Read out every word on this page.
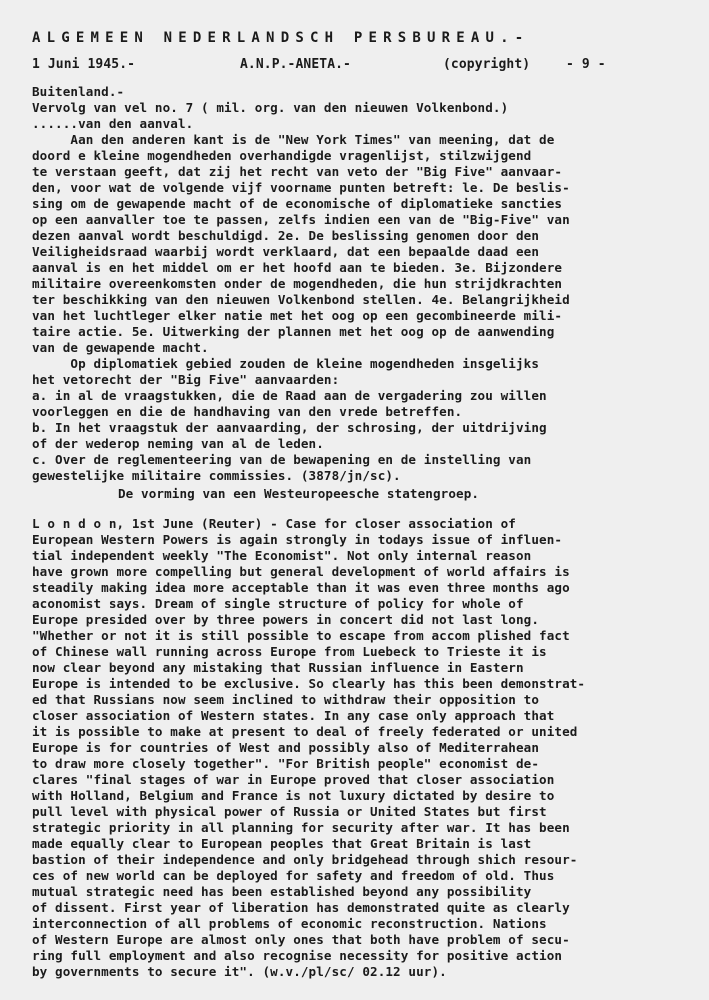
ALGEMEEN NEDERLANDSCH PERSBUREAU.-
1 Juni 1945.-	A.N.P.-ANETA.-	(copyright)	- 9 -
Buitenland.-
Vervolg van vel no. 7 ( mil. org. van den nieuwen Volkenbond.)
......van den aanval.
Aan den anderen kant is de "New York Times" van meening, dat de
doord e kleine mogendheden overhandigde vragenlijst, stilzwijgend
te verstaan geeft, dat zij het recht van veto der "Big Five" aanvaar-
den, voor wat de volgende vijf voorname punten betreft: le. De beslis-
sing om de gewapende macht of de economische of diplomatieke sancties
op een aanvaller toe te passen, zelfs indien een van de "Big-Five" van
dezen aanval wordt beschuldigd. 2e. De beslissing genomen door den
Veiligheidsraad waarbij wordt verklaard, dat een bepaalde daad een
aanval is en het middel om er het hoofd aan te bieden. 3e. Bijzondere
militaire overeenkomsten onder de mogendheden, die hun strijdkrachten
ter beschikking van den nieuwen Volkenbond stellen. 4e. Belangrijkheid
van het luchtleger elker natie met het oog op een gecombineerde mili-
taire actie. 5e. Uitwerking der plannen met het oog op de aanwending
van de gewapende macht.
Op diplomatiek gebied zouden de kleine mogendheden insgelijks
het vetorecht der "Big Five" aanvaarden:
a. in al de vraagstukken, die de Raad aan de vergadering zou willen
voorleggen en die de handhaving van den vrede betreffen.
b. In het vraagstuk der aanvaarding, der schrosing, der uitdrijving
of der wederop neming van al de leden.
c. Over de reglementeering van de bewapening en de instelling van
gewestelijke militaire commissies. (3878/jn/sc).
De vorming van een Westeuropeesche statengroep.
L o n d o n, 1st June (Reuter) - Case for closer association of
European Western Powers is again strongly in todays issue of influen-
tial independent weekly "The Economist". Not only internal reason
have grown more compelling but general development of world affairs is
steadily making idea more acceptable than it was even three months ago
aconomist says. Dream of single structure of policy for whole of
Europe presided over by three powers in concert did not last long.
"Whether or not it is still possible to escape from accom plished fact
of Chinese wall running across Europe from Luebeck to Trieste it is
now clear beyond any mistaking that Russian influence in Eastern
Europe is intended to be exclusive. So clearly has this been demonstrat-
ed that Russians now seem inclined to withdraw their opposition to
closer association of Western states. In any case only approach that
it is possible to make at present to deal of freely federated or united
Europe is for countries of West and possibly also of Mediterrahean
to draw more closely together". "For British people" economist de-
clares "final stages of war in Europe proved that closer association
with Holland, Belgium and France is not luxury dictated by desire to
pull level with physical power of Russia or United States but first
strategic priority in all planning for security after war. It has been
made equally clear to European peoples that Great Britain is last
bastion of their independence and only bridgehead through shich resour-
ces of new world can be deployed for safety and freedom of old. Thus
mutual strategic need has been established beyond any possibility
of dissent. First year of liberation has demonstrated quite as clearly
interconnection of all problems of economic reconstruction. Nations
of Western Europe are almost only ones that both have problem of secu-
ring full employment and also recognise necessity for positive action
by governments to secure it". (w.v./pl/sc/ 02.12 uur).
